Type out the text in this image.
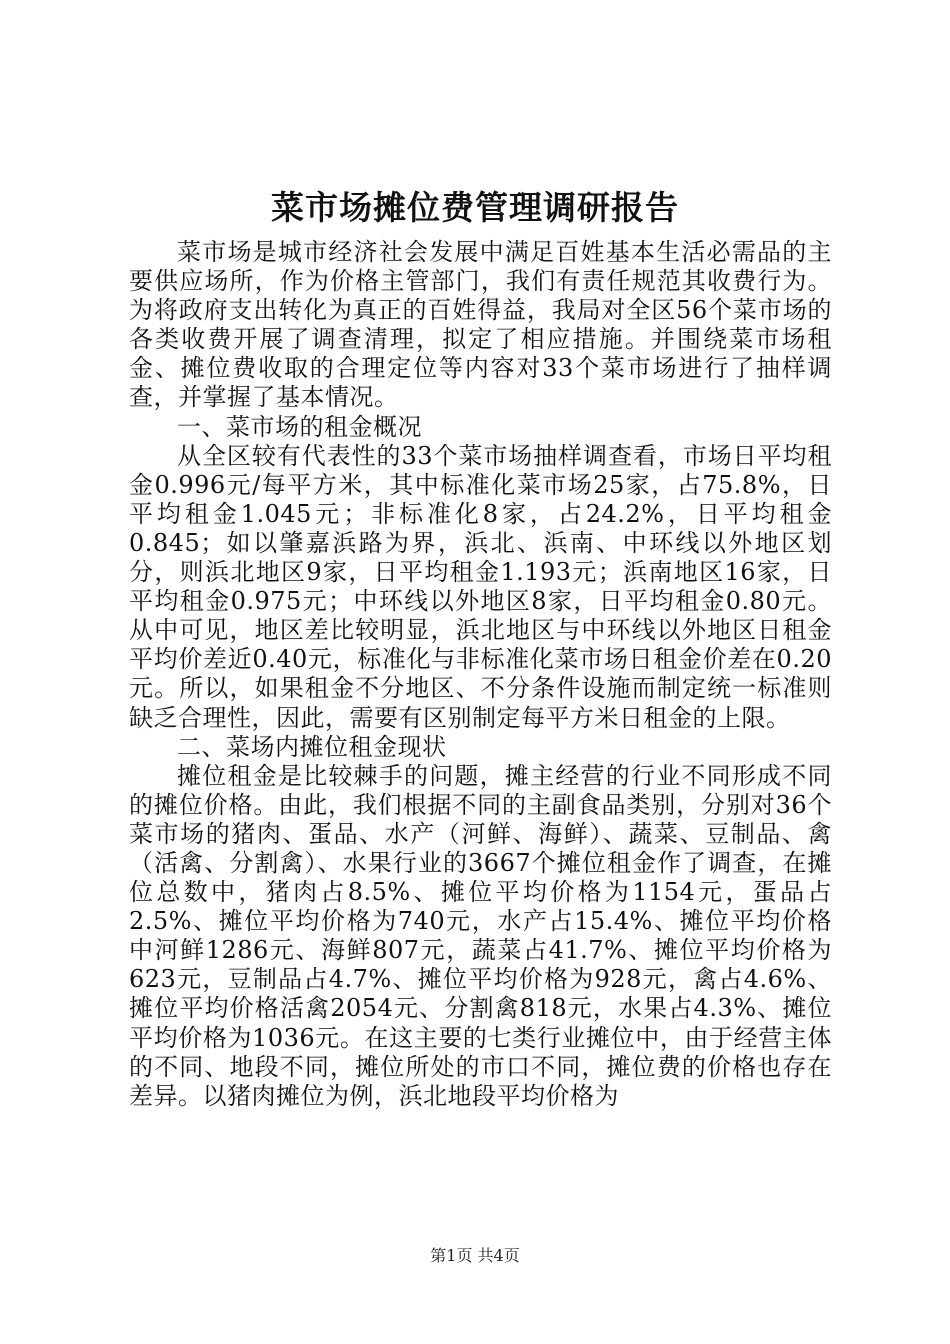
菜市场摊位费管理调研报告

菜市场是城市经济社会发展中满足百姓基本生活必需品的主要供应场所，作为价格主管部门，我们有责任规范其收费行为。为将政府支出转化为真正的百姓得益，我局对全区56个菜市场的各类收费开展了调查清理，拟定了相应措施。并围绕菜市场租金、摊位费收取的合理定位等内容对33个菜市场进行了抽样调查，并掌握了基本情况。

一、菜市场的租金概况

从全区较有代表性的33个菜市场抽样调查看，市场日平均租金0.996元/每平方米，其中标准化菜市场25家，占75.8%，日平均租金1.045元；非标准化8家，占24.2%，日平均租金0.845；如以肇嘉浜路为界，浜北、浜南、中环线以外地区划分，则浜北地区9家，日平均租金1.193元；浜南地区16家，日平均租金0.975元；中环线以外地区8家，日平均租金0.80元。从中可见，地区差比较明显，浜北地区与中环线以外地区日租金平均价差近0.40元，标准化与非标准化菜市场日租金价差在0.20元。所以，如果租金不分地区、不分条件设施而制定统一标准则缺乏合理性，因此，需要有区别制定每平方米日租金的上限。

二、菜场内摊位租金现状

摊位租金是比较棘手的问题，摊主经营的行业不同形成不同的摊位价格。由此，我们根据不同的主副食品类别，分别对36个菜市场的猪肉、蛋品、水产（河鲜、海鲜）、蔬菜、豆制品、禽（活禽、分割禽）、水果行业的3667个摊位租金作了调查，在摊位总数中，猪肉占8.5%、摊位平均价格为1154元，蛋品占2.5%、摊位平均价格为740元，水产占15.4%、摊位平均价格中河鲜1286元、海鲜807元，蔬菜占41.7%、摊位平均价格为623元，豆制品占4.7%、摊位平均价格为928元，禽占4.6%、摊位平均价格活禽2054元、分割禽818元，水果占4.3%、摊位平均价格为1036元。在这主要的七类行业摊位中，由于经营主体的不同、地段不同，摊位所处的市口不同，摊位费的价格也存在差异。以猪肉摊位为例，浜北地段平均价格为

第1页 共4页
